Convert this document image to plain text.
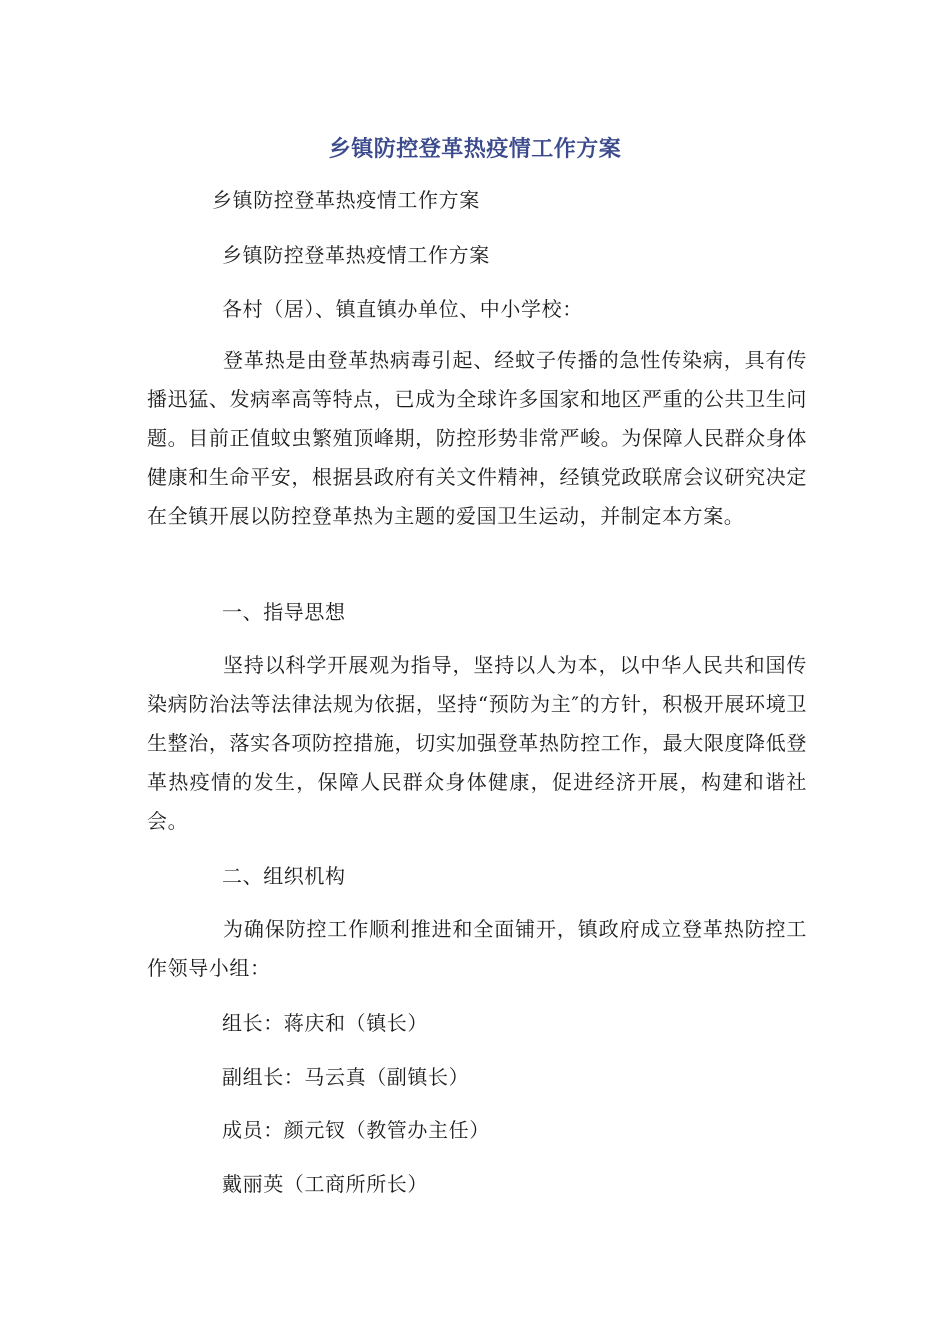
乡镇防控登革热疫情工作方案
乡镇防控登革热疫情工作方案
乡镇防控登革热疫情工作方案
各村（居）、镇直镇办单位、中小学校：
登革热是由登革热病毒引起、经蚊子传播的急性传染病，具有传播迅猛、发病率高等特点，已成为全球许多国家和地区严重的公共卫生问题。目前正值蚊虫繁殖顶峰期，防控形势非常严峻。为保障人民群众身体健康和生命平安，根据县政府有关文件精神，经镇党政联席会议研究决定在全镇开展以防控登革热为主题的爱国卫生运动，并制定本方案。
一、指导思想
坚持以科学开展观为指导，坚持以人为本，以中华人民共和国传染病防治法等法律法规为依据，坚持“预防为主″的方针，积极开展环境卫生整治，落实各项防控措施，切实加强登革热防控工作，最大限度降低登革热疫情的发生，保障人民群众身体健康，促进经济开展，构建和谐社会。
二、组织机构
为确保防控工作顺利推进和全面铺开，镇政府成立登革热防控工作领导小组：
组长：蒋庆和（镇长）
副组长：马云真（副镇长）
成员：颜元钗（教管办主任）
戴丽英（工商所所长）
